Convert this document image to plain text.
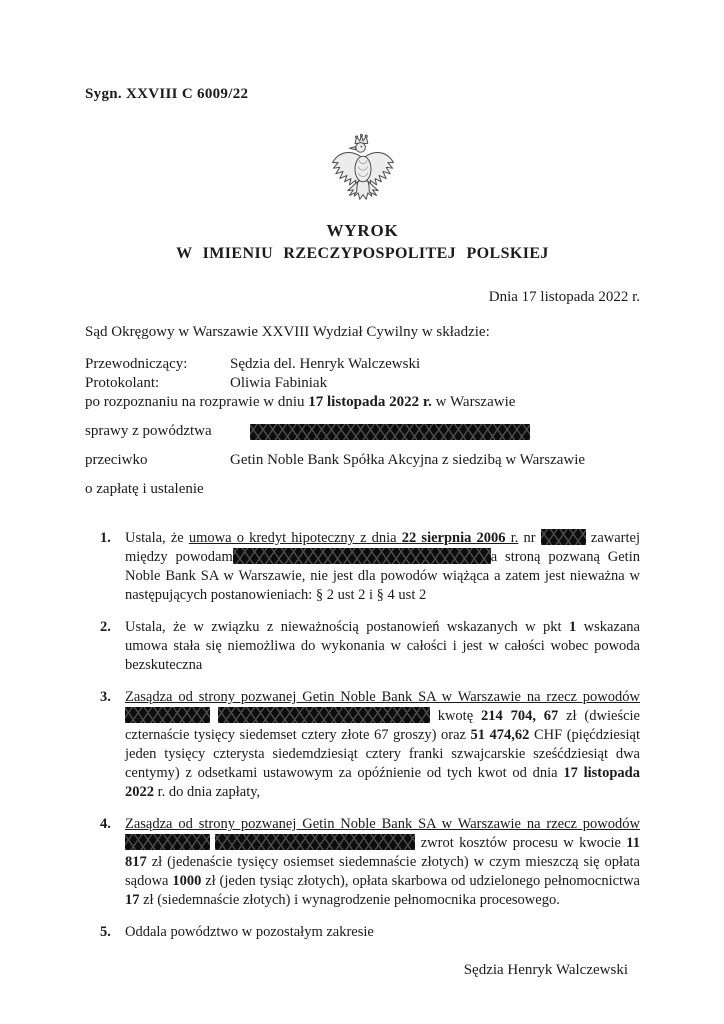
Sygn. XXVIII C 6009/22
WYROK
W IMIENIU RZECZYPOSPOLITEJ POLSKIEJ
Dnia 17 listopada 2022 r.
Sąd Okręgowy w Warszawie XXVIII Wydział Cywilny w składzie:
Przewodniczący:	Sędzia del. Henryk Walczewski
Protokolant:	Oliwia Fabiniak
po rozpoznaniu na rozprawie w dniu 17 listopada 2022 r. w Warszawie
sprawy z powództwa
przeciwko	Getin Noble Bank Spółka Akcyjna z siedzibą w Warszawie
o zapłatę i ustalenie
1. Ustala, że umowa o kredyt hipoteczny z dnia 22 sierpnia 2006 r. nr	zawartej między powodam	a stroną pozwaną Getin Noble Bank SA w Warszawie, nie jest dla powodów wiążąca a zatem jest nieważna w następujących postanowieniach: § 2 ust 2 i § 4 ust 2
2. Ustala, że w związku z nieważnością postanowień wskazanych w pkt 1 wskazana umowa stała się niemożliwa do wykonania w całości i jest w całości wobec powoda bezskuteczna
3. Zasądza od strony pozwanej Getin Noble Bank SA w Warszawie na rzecz powodów   kwotę 214 704, 67 zł (dwieście czternaście tysięcy siedemset cztery złote 67 groszy) oraz 51 474,62 CHF (pięćdziesiąt jeden tysięcy czterysta siedemdziesiąt cztery franki szwajcarskie sześćdziesiąt dwa centymy) z odsetkami ustawowym za opóźnienie od tych kwot od dnia 17 listopada 2022 r. do dnia zapłaty,
4. Zasądza od strony pozwanej Getin Noble Bank SA w Warszawie na rzecz powodów   zwrot kosztów procesu w kwocie 11 817 zł (jedenaście tysięcy osiemset siedemnaście złotych) w czym mieszczą się opłata sądowa 1000 zł (jeden tysiąc złotych), opłata skarbowa od udzielonego pełnomocnictwa 17 zł (siedemnaście złotych) i wynagrodzenie pełnomocnika procesowego.
5. Oddala powództwo w pozostałym zakresie
Sędzia Henryk Walczewski
